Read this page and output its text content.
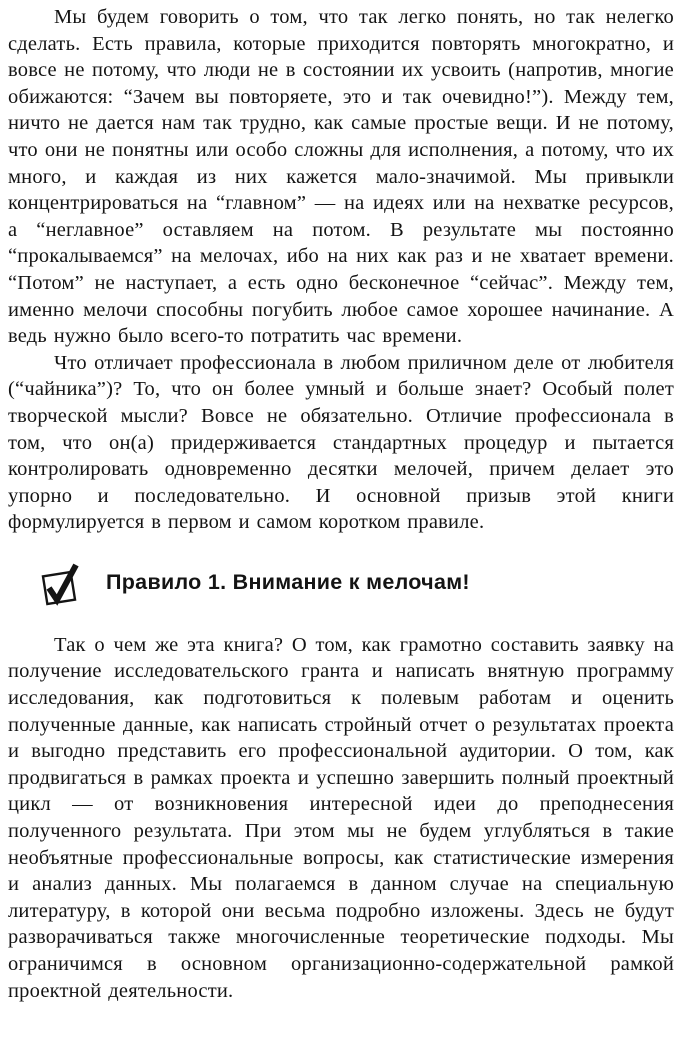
Мы будем говорить о том, что так легко понять, но так нелегко сделать. Есть правила, которые приходится повторять многократно, и вовсе не потому, что люди не в состоянии их усвоить (напротив, многие обижаются: “Зачем вы повторяете, это и так очевидно!”). Между тем, ничто не дается нам так трудно, как самые простые вещи. И не потому, что они не понятны или особо сложны для исполнения, а потому, что их много, и каждая из них кажется мало-значимой. Мы привыкли концентрироваться на “главном” — на идеях или на нехватке ресурсов, а “неглавное” оставляем на потом. В результате мы постоянно “прокалываемся” на мелочах, ибо на них как раз и не хватает времени. “Потом” не наступает, а есть одно бесконечное “сейчас”. Между тем, именно мелочи способны погубить любое самое хорошее начинание. А ведь нужно было всего-то потратить час времени.

Что отличает профессионала в любом приличном деле от любителя (“чайника”)? То, что он более умный и больше знает? Особый полет творческой мысли? Вовсе не обязательно. Отличие профессионала в том, что он(а) придерживается стандартных процедур и пытается контролировать одновременно десятки мелочей, причем делает это упорно и последовательно. И основной призыв этой книги формулируется в первом и самом коротком правиле.

Правило 1. Внимание к мелочам!

Так о чем же эта книга? О том, как грамотно составить заявку на получение исследовательского гранта и написать внятную программу исследования, как подготовиться к полевым работам и оценить полученные данные, как написать стройный отчет о результатах проекта и выгодно представить его профессиональной аудитории. О том, как продвигаться в рамках проекта и успешно завершить полный проектный цикл — от возникновения интересной идеи до преподнесения полученного результата. При этом мы не будем углубляться в такие необъятные профессиональные вопросы, как статистические измерения и анализ данных. Мы полагаемся в данном случае на специальную литературу, в которой они весьма подробно изложены. Здесь не будут разворачиваться также многочисленные теоретические подходы. Мы ограничимся в основном организационно-содержательной рамкой проектной деятельности.
